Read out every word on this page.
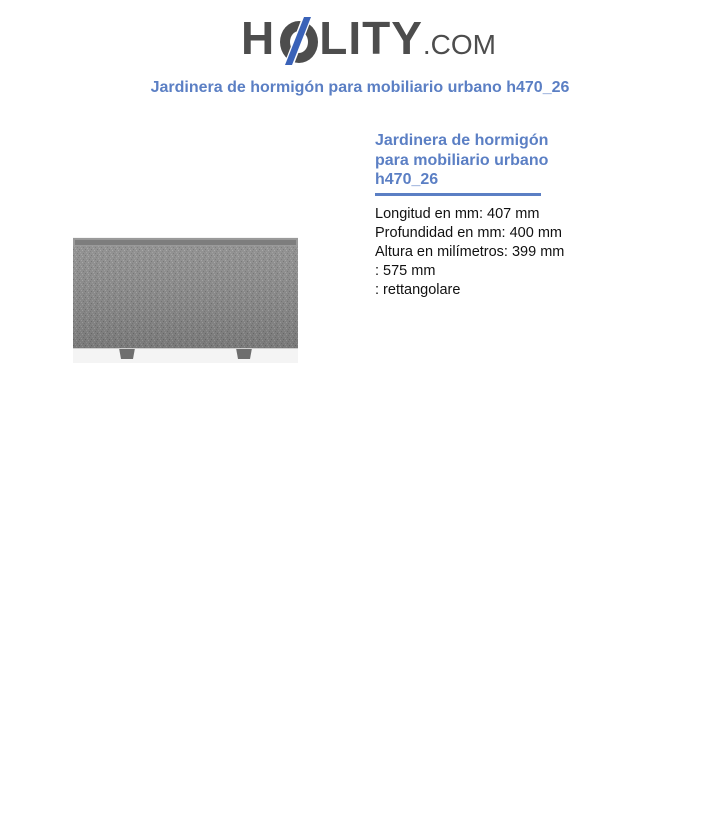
H LITY.COM
Jardinera de hormigón para mobiliario urbano h470_26
Jardinera de hormigón para mobiliario urbano h470_26
Longitud en mm: 407 mm
Profundidad en mm: 400 mm
Altura en milímetros: 399 mm
: 575 mm
: rettangolare
